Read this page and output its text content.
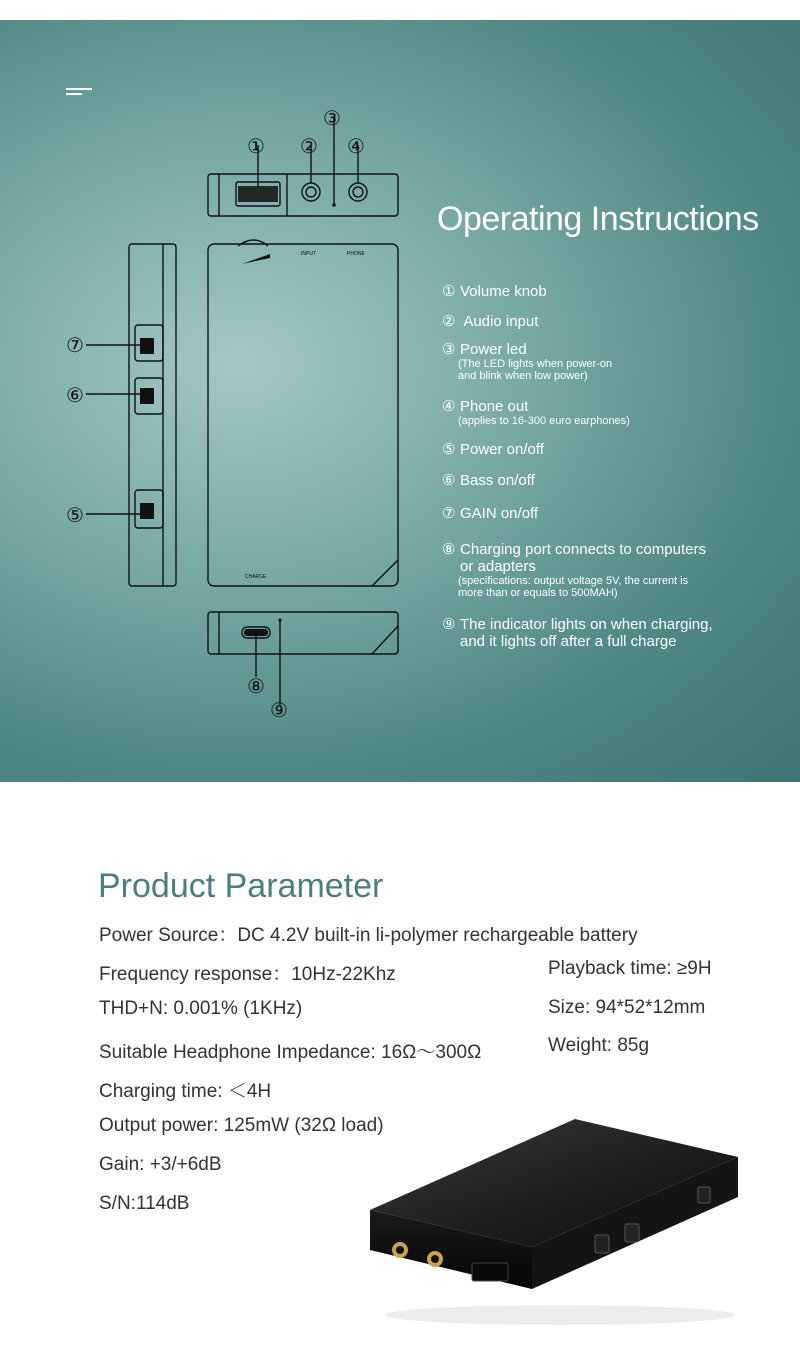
INPUT	PHONE
CHARGE
① ②
③
④
⑦
⑥
⑤
⑧
⑨
Operating Instructions
① Volume knob
② Audio input
③ Power led
(The LED lights when power-on
and blink when low power)
④ Phone out
(applies to 16-300 euro earphones)
⑤ Power on/off
⑥ Bass on/off
⑦ GAIN on/off
⑧ Charging port connects to computers
or adapters
(specifications: output voltage 5V, the current is
more than or equals to 500MAH)
⑨ The indicator lights on when charging,
and it lights off after a full charge
Product Parameter
Power Source：DC 4.2V built-in li-polymer rechargeable battery
Frequency response：10Hz-22Khz
THD+N: 0.001% (1KHz)
Suitable Headphone Impedance: 16Ω～300Ω
Charging time: ＜4H
Output power: 125mW (32Ω load)
Gain: +3/+6dB
S/N:114dB
Playback time: ≥9H
Size: 94*52*12mm
Weight: 85g
